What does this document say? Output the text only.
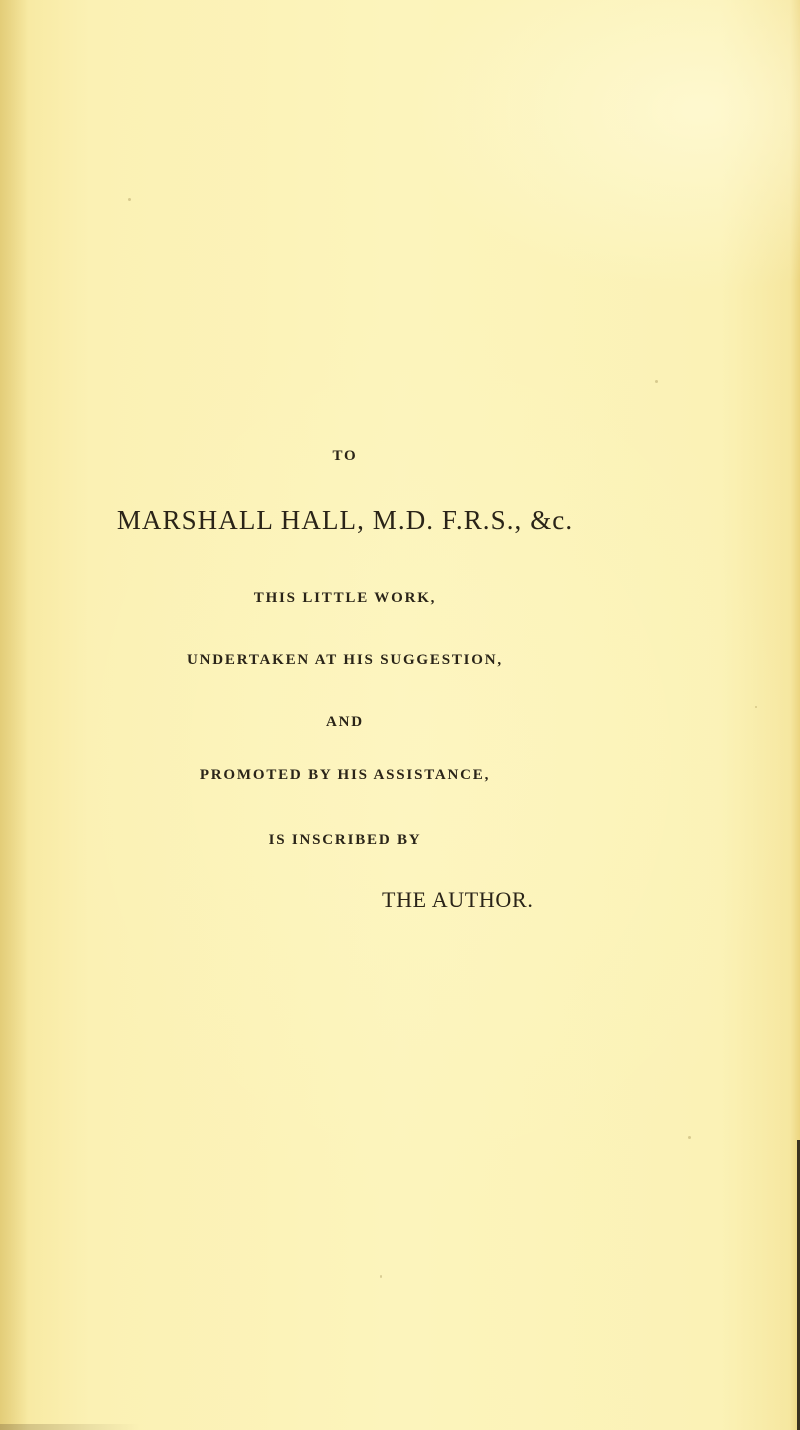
TO
MARSHALL HALL, M.D. F.R.S., &c.
THIS LITTLE WORK,
UNDERTAKEN AT HIS SUGGESTION,
AND
PROMOTED BY HIS ASSISTANCE,
IS INSCRIBED BY
THE AUTHOR.
